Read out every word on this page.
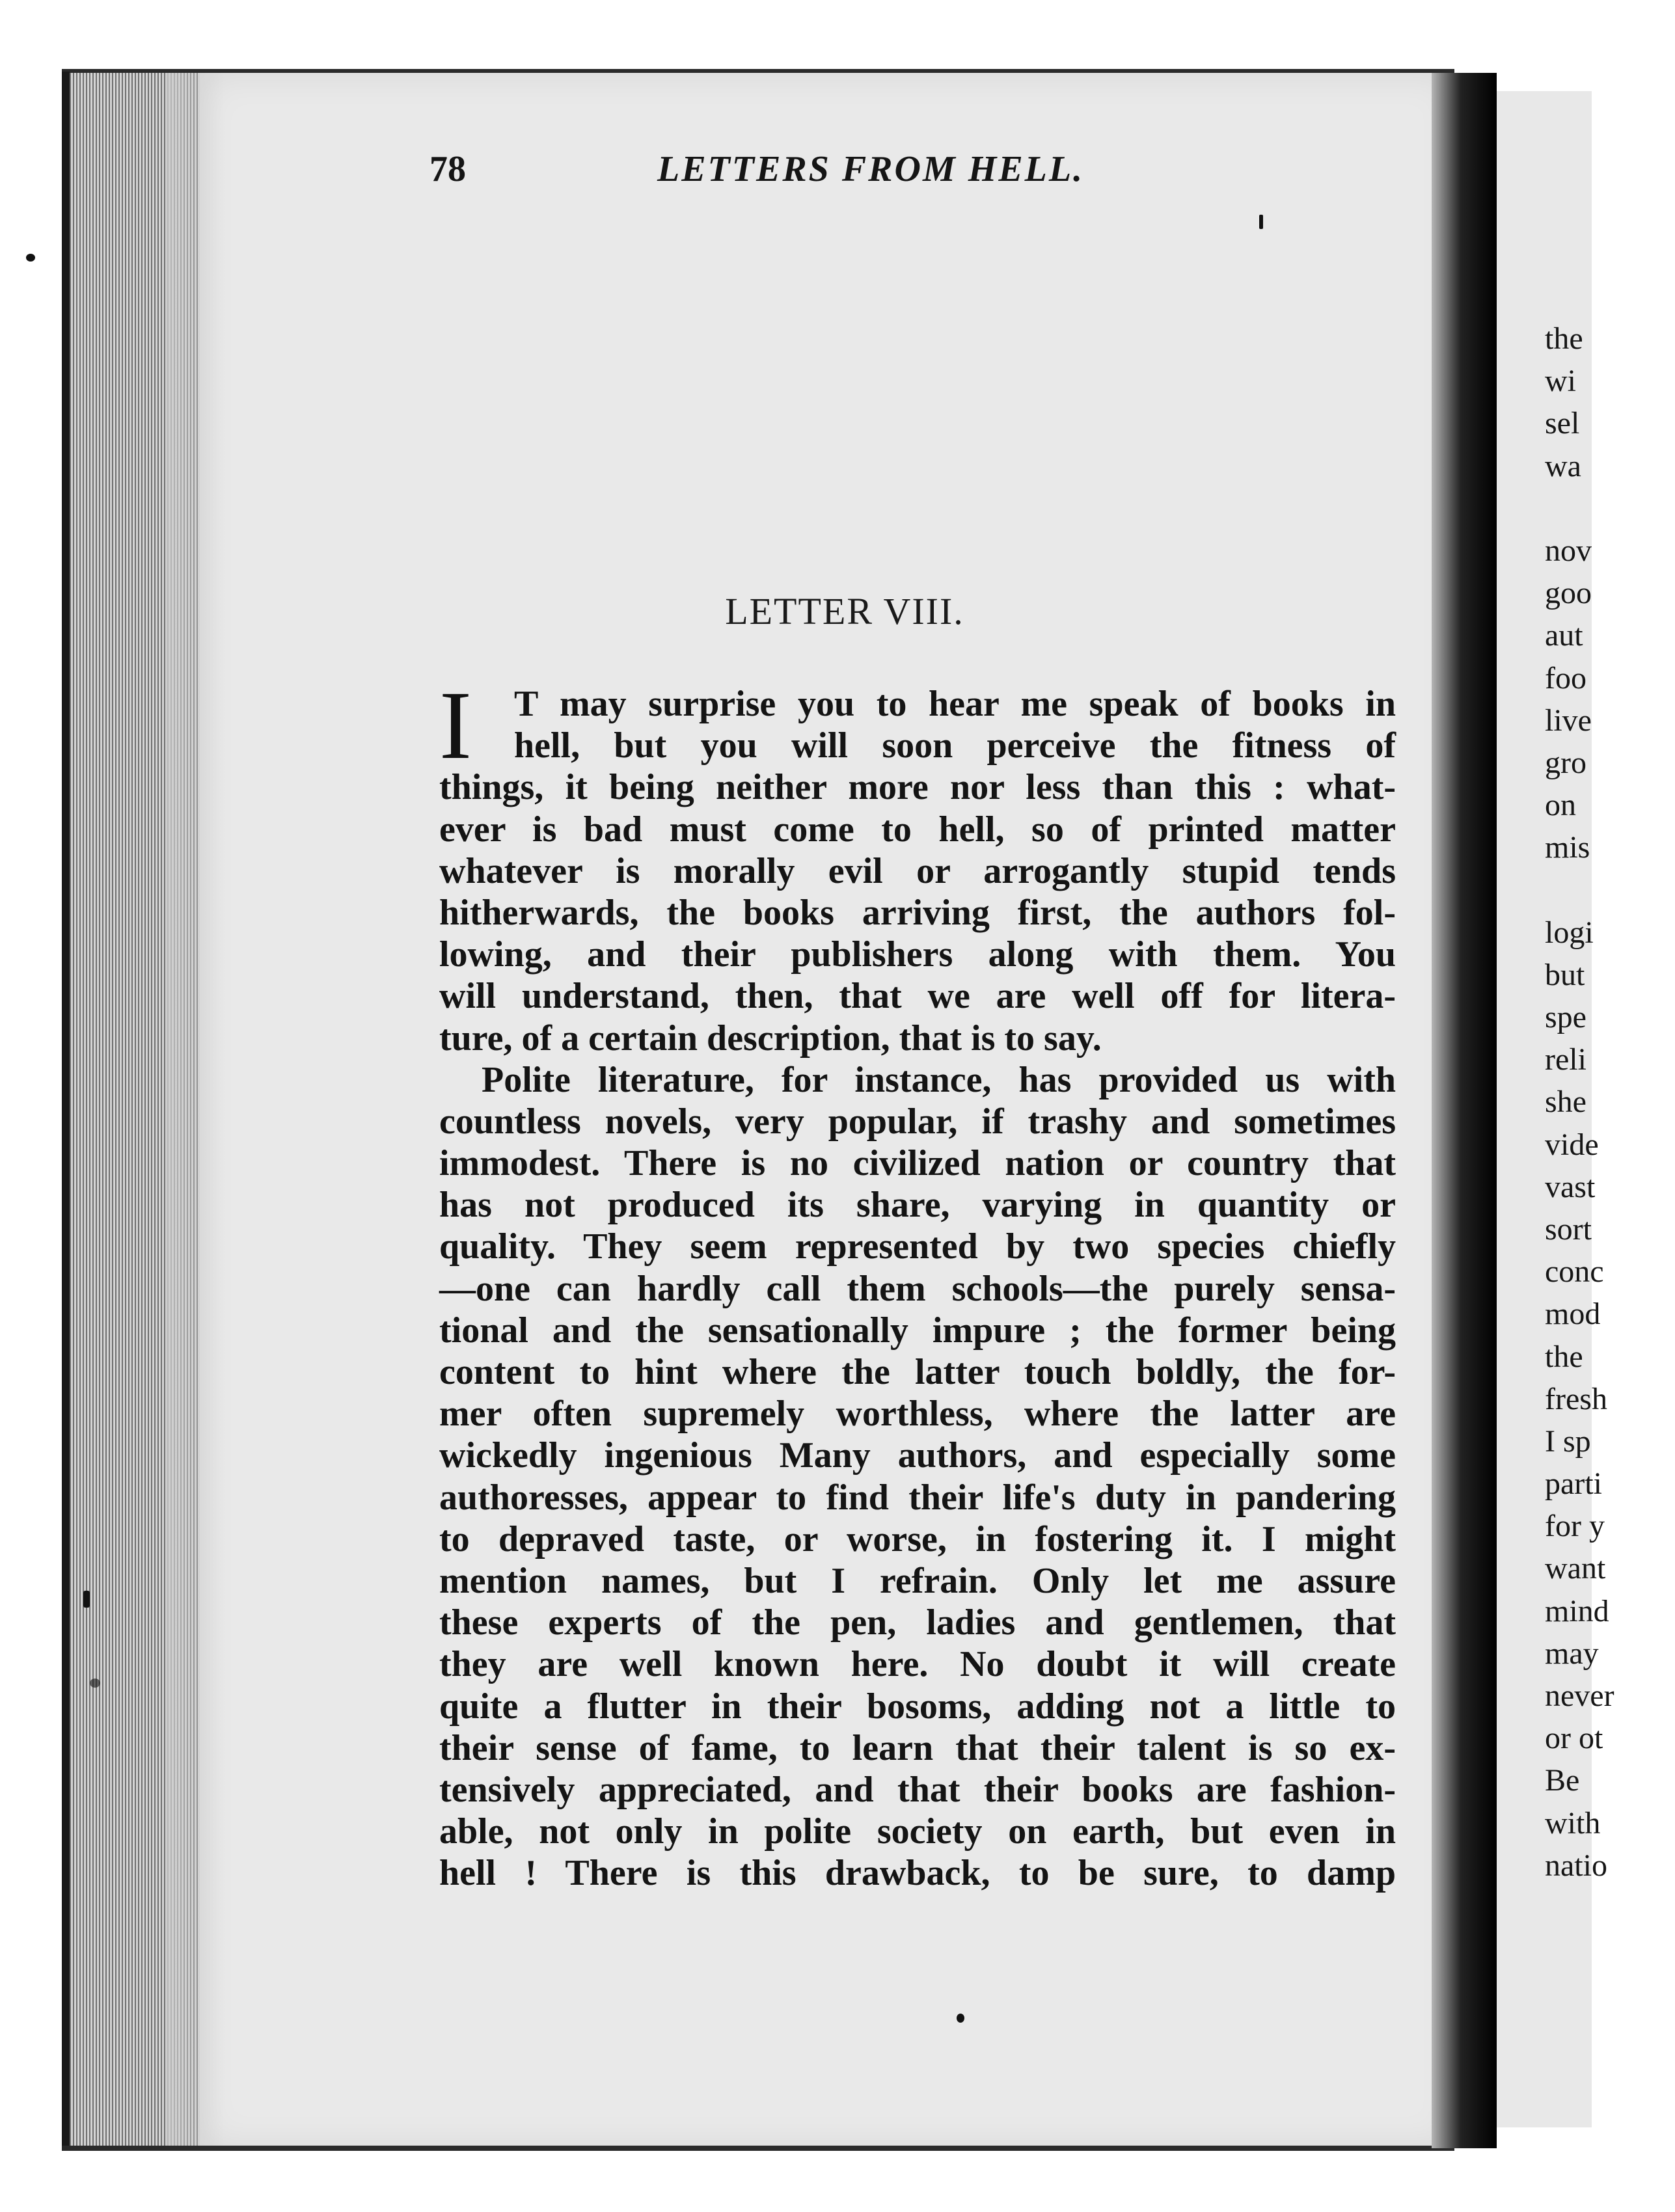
the
wi
sel
wa
nov
goo
aut
foo
live
gro
on
mis
logi
but
spe
reli
she
vide
vast
sort
conc
mod
the
fresh
I sp
parti
for y
want
mind
may
never
or ot
Be
with
natio
78	LETTERS FROM HELL.
LETTER VIII.
I	T may surprise you to hear me speak of books in
hell, but you will soon perceive the fitness of
things, it being neither more nor less than this : what-
ever is bad must come to hell, so of printed matter
whatever is morally evil or arrogantly stupid tends
hitherwards, the books arriving first, the authors fol-
lowing, and their publishers along with them. You
will understand, then, that we are well off for litera-
ture, of a certain description, that is to say.
Polite literature, for instance, has provided us with
countless novels, very popular, if trashy and sometimes
immodest. There is no civilized nation or country that
has not produced its share, varying in quantity or
quality. They seem represented by two species chiefly
—one can hardly call them schools—the purely sensa-
tional and the sensationally impure ; the former being
content to hint where the latter touch boldly, the for-
mer often supremely worthless, where the latter are
wickedly ingenious Many authors, and especially some
authoresses, appear to find their life's duty in pandering
to depraved taste, or worse, in fostering it. I might
mention names, but I refrain. Only let me assure
these experts of the pen, ladies and gentlemen, that
they are well known here. No doubt it will create
quite a flutter in their bosoms, adding not a little to
their sense of fame, to learn that their talent is so ex-
tensively appreciated, and that their books are fashion-
able, not only in polite society on earth, but even in
hell ! There is this drawback, to be sure, to damp
